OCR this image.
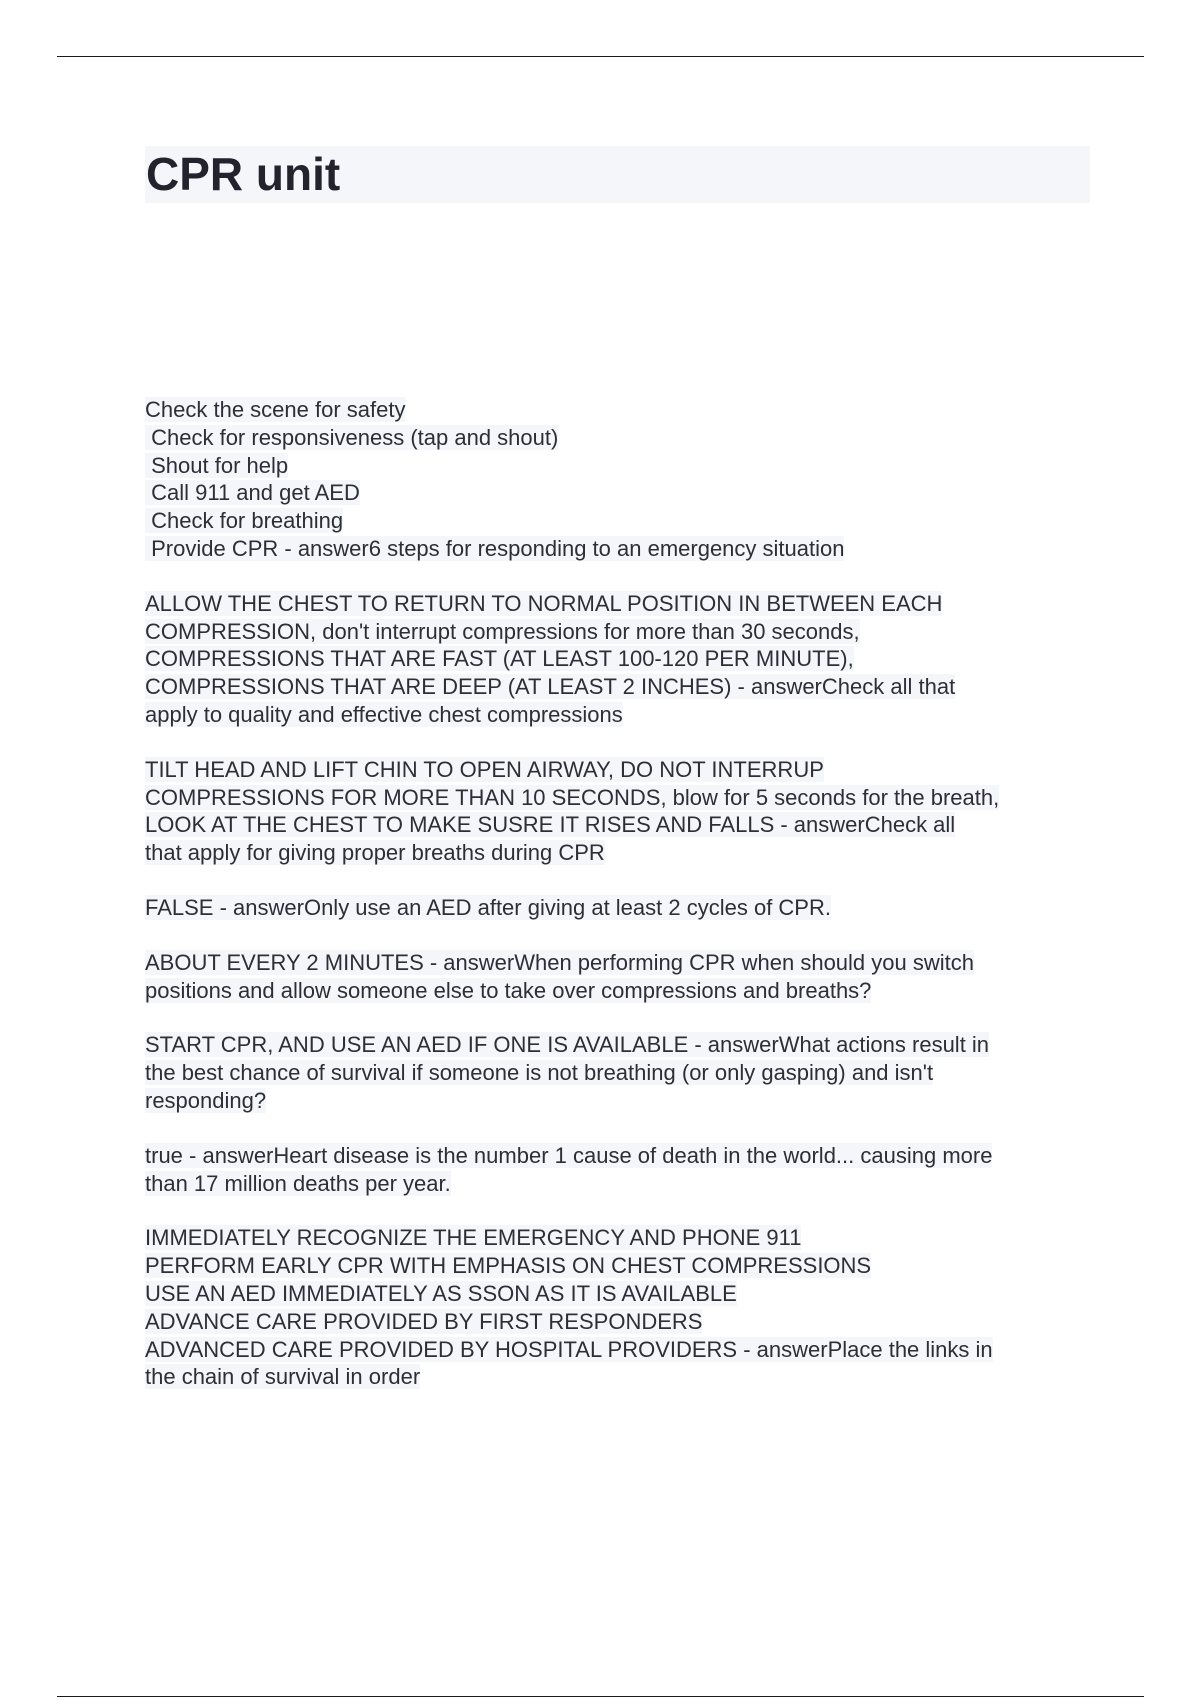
CPR unit
Check the scene for safety
Check for responsiveness (tap and shout)
Shout for help
Call 911 and get AED
Check for breathing
Provide CPR - answer6 steps for responding to an emergency situation
ALLOW THE CHEST TO RETURN TO NORMAL POSITION IN BETWEEN EACH
COMPRESSION, don't interrupt compressions for more than 30 seconds,
COMPRESSIONS THAT ARE FAST (AT LEAST 100-120 PER MINUTE),
COMPRESSIONS THAT ARE DEEP (AT LEAST 2 INCHES) - answerCheck all that
apply to quality and effective chest compressions
TILT HEAD AND LIFT CHIN TO OPEN AIRWAY, DO NOT INTERRUP
COMPRESSIONS FOR MORE THAN 10 SECONDS, blow for 5 seconds for the breath,
LOOK AT THE CHEST TO MAKE SUSRE IT RISES AND FALLS - answerCheck all
that apply for giving proper breaths during CPR
FALSE - answerOnly use an AED after giving at least 2 cycles of CPR.
ABOUT EVERY 2 MINUTES - answerWhen performing CPR when should you switch
positions and allow someone else to take over compressions and breaths?
START CPR, AND USE AN AED IF ONE IS AVAILABLE - answerWhat actions result in
the best chance of survival if someone is not breathing (or only gasping) and isn't
responding?
true - answerHeart disease is the number 1 cause of death in the world... causing more
than 17 million deaths per year.
IMMEDIATELY RECOGNIZE THE EMERGENCY AND PHONE 911
PERFORM EARLY CPR WITH EMPHASIS ON CHEST COMPRESSIONS
USE AN AED IMMEDIATELY AS SSON AS IT IS AVAILABLE
ADVANCE CARE PROVIDED BY FIRST RESPONDERS
ADVANCED CARE PROVIDED BY HOSPITAL PROVIDERS - answerPlace the links in
the chain of survival in order
